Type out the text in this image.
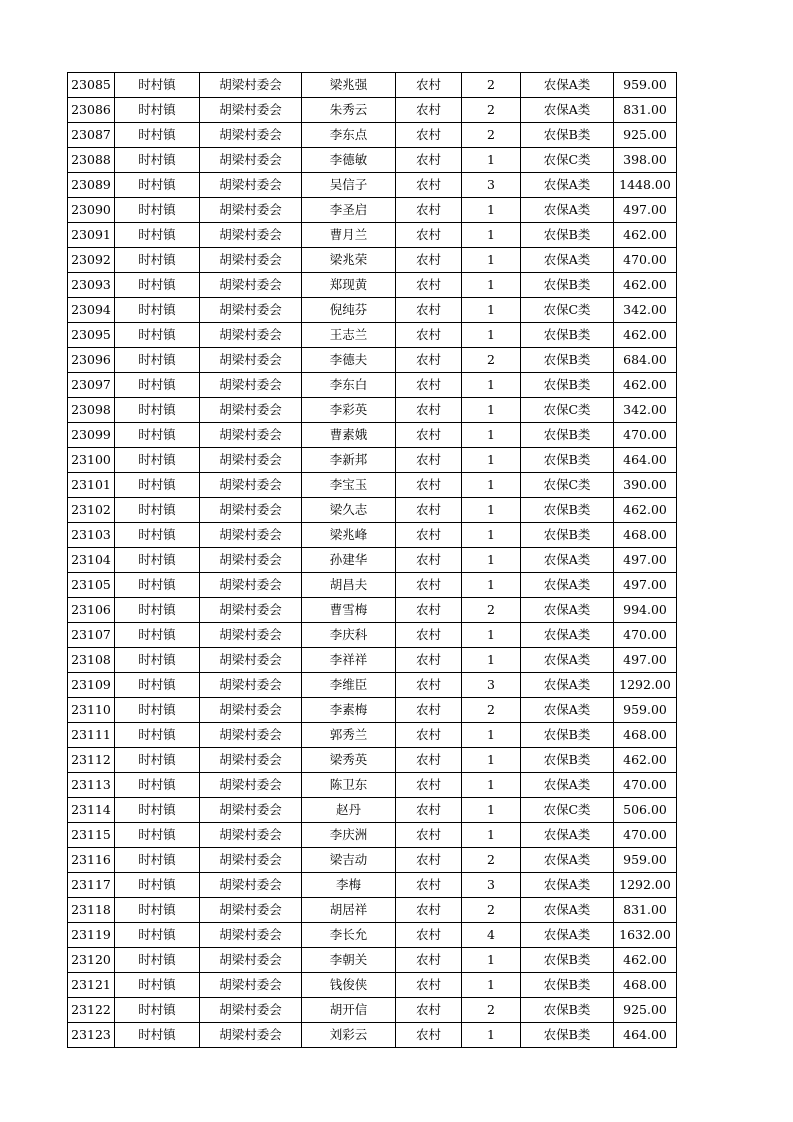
23085	时村镇	胡梁村委会	梁兆强	农村	2	农保A类	959.00
23086	时村镇	胡梁村委会	朱秀云	农村	2	农保A类	831.00
23087	时村镇	胡梁村委会	李东点	农村	2	农保B类	925.00
23088	时村镇	胡梁村委会	李德敏	农村	1	农保C类	398.00
23089	时村镇	胡梁村委会	吴信子	农村	3	农保A类	1448.00
23090	时村镇	胡梁村委会	李圣启	农村	1	农保A类	497.00
23091	时村镇	胡梁村委会	曹月兰	农村	1	农保B类	462.00
23092	时村镇	胡梁村委会	梁兆荣	农村	1	农保A类	470.00
23093	时村镇	胡梁村委会	郑现黄	农村	1	农保B类	462.00
23094	时村镇	胡梁村委会	倪纯芬	农村	1	农保C类	342.00
23095	时村镇	胡梁村委会	王志兰	农村	1	农保B类	462.00
23096	时村镇	胡梁村委会	李德夫	农村	2	农保B类	684.00
23097	时村镇	胡梁村委会	李东白	农村	1	农保B类	462.00
23098	时村镇	胡梁村委会	李彩英	农村	1	农保C类	342.00
23099	时村镇	胡梁村委会	曹素娥	农村	1	农保B类	470.00
23100	时村镇	胡梁村委会	李新邦	农村	1	农保B类	464.00
23101	时村镇	胡梁村委会	李宝玉	农村	1	农保C类	390.00
23102	时村镇	胡梁村委会	梁久志	农村	1	农保B类	462.00
23103	时村镇	胡梁村委会	梁兆峰	农村	1	农保B类	468.00
23104	时村镇	胡梁村委会	孙建华	农村	1	农保A类	497.00
23105	时村镇	胡梁村委会	胡昌夫	农村	1	农保A类	497.00
23106	时村镇	胡梁村委会	曹雪梅	农村	2	农保A类	994.00
23107	时村镇	胡梁村委会	李庆科	农村	1	农保A类	470.00
23108	时村镇	胡梁村委会	李祥祥	农村	1	农保A类	497.00
23109	时村镇	胡梁村委会	李维臣	农村	3	农保A类	1292.00
23110	时村镇	胡梁村委会	李素梅	农村	2	农保A类	959.00
23111	时村镇	胡梁村委会	郭秀兰	农村	1	农保B类	468.00
23112	时村镇	胡梁村委会	梁秀英	农村	1	农保B类	462.00
23113	时村镇	胡梁村委会	陈卫东	农村	1	农保A类	470.00
23114	时村镇	胡梁村委会	赵丹	农村	1	农保C类	506.00
23115	时村镇	胡梁村委会	李庆洲	农村	1	农保A类	470.00
23116	时村镇	胡梁村委会	梁吉动	农村	2	农保A类	959.00
23117	时村镇	胡梁村委会	李梅	农村	3	农保A类	1292.00
23118	时村镇	胡梁村委会	胡居祥	农村	2	农保A类	831.00
23119	时村镇	胡梁村委会	李长允	农村	4	农保A类	1632.00
23120	时村镇	胡梁村委会	李朝关	农村	1	农保B类	462.00
23121	时村镇	胡梁村委会	钱俊侠	农村	1	农保B类	468.00
23122	时村镇	胡梁村委会	胡开信	农村	2	农保B类	925.00
23123	时村镇	胡梁村委会	刘彩云	农村	1	农保B类	464.00
